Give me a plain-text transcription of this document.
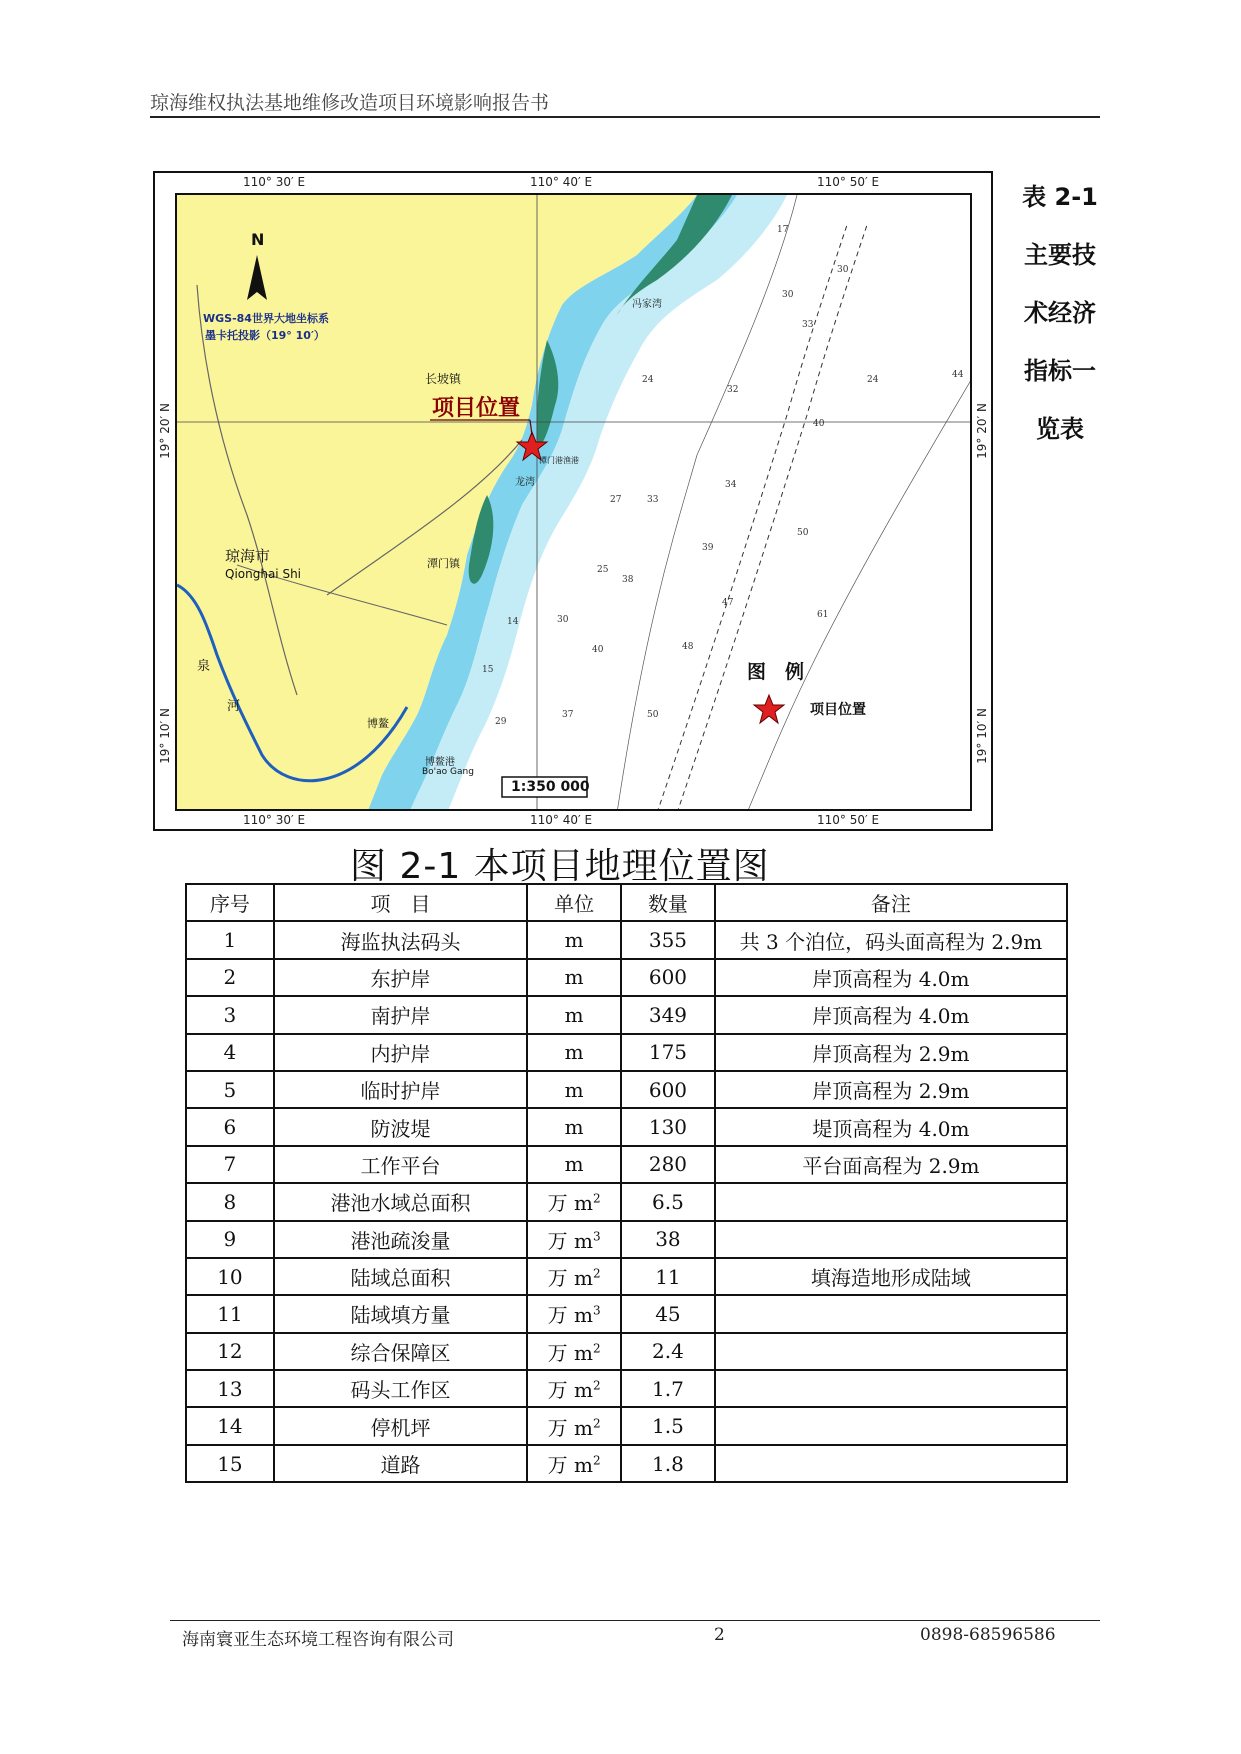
琼海维权执法基地维修改造项目环境影响报告书
110° 30′ E	110° 40′ E	110° 50′ E
110° 30′ E	110° 40′ E	110° 50′ E
19° 20′ N
19° 10′ N
19° 20′ N
19° 10′ N
N
WGS-84世界大地坐标系
墨卡托投影（19° 10′）
长坡镇
项目位置
琼海市
Qionghai Shi
潭门镇
泉
河
博鳌
博鳌港
Bo'ao Gang
潭门港渔港
龙湾
冯家湾
1:350 000
图　例
项目位置
17
30
30
33
24
32
24
40
44
34
50
39
61
47
48
27	33
25
38
14
15
40
37	50
29
30
表 2-1
主要技
术经济
指标一
览表
图 2-1 本项目地理位置图
序号	项　目	单位	数量	备注
1	海监执法码头	m	355	共 3 个泊位，码头面高程为 2.9m
2	东护岸	m	600	岸顶高程为 4.0m
3	南护岸	m	349	岸顶高程为 4.0m
4	内护岸	m	175	岸顶高程为 2.9m
5	临时护岸	m	600	岸顶高程为 2.9m
6	防波堤	m	130	堤顶高程为 4.0m
7	工作平台	m	280	平台面高程为 2.9m
8	港池水域总面积	万 $m^2$	6.5	
9	港池疏浚量	万 $m^3$	38	
10	陆域总面积	万 $m^2$	11	填海造地形成陆域
11	陆域填方量	万 $m^3$	45	
12	综合保障区	万 $m^2$	2.4	
13	码头工作区	万 $m^2$	1.7	
14	停机坪	万 $m^2$	1.5	
15	道路	万 $m^2$	1.8	
海南寰亚生态环境工程咨询有限公司	2	0898-68596586
